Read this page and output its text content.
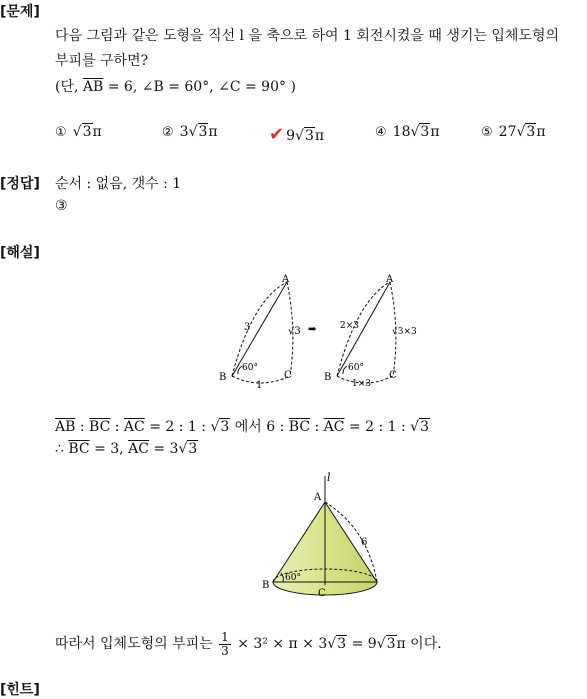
[문제]
[정답]
[해설]
[힌트]
다음 그림과 같은 도형을 직선 l 을 축으로 하여 1 회전시켰을 때 생기는 입체도형의
부피를 구하면?
(단, $\overline{AB} = 6$, ∠B = 60°, ∠C = 90° )
① √3π	② 3√3π	✔ 9√3π	④ 18√3π	⑤ 27√3π
순서 : 없음, 갯수 : 1
③
A
B	C
3	√3
1
60°
➡
A
B	C
2×3
√3×3
1×3
60°
$\overline{AB}$ : $\overline{BC}$ : $\overline{AC} = 2$ : 1 : √3 에서 6 : $\overline{BC}$ : $\overline{AC} = 2$ : 1 : √3
∴ $\overline{BC} = 3$, $\overline{AC} = 3√3$
l
A
B
C
6
60°
따라서 입체도형의 부피는 $\frac{1}{3} \times 3^2 \times \pi \times 3√3 = 9√3\pi$ 이다.
